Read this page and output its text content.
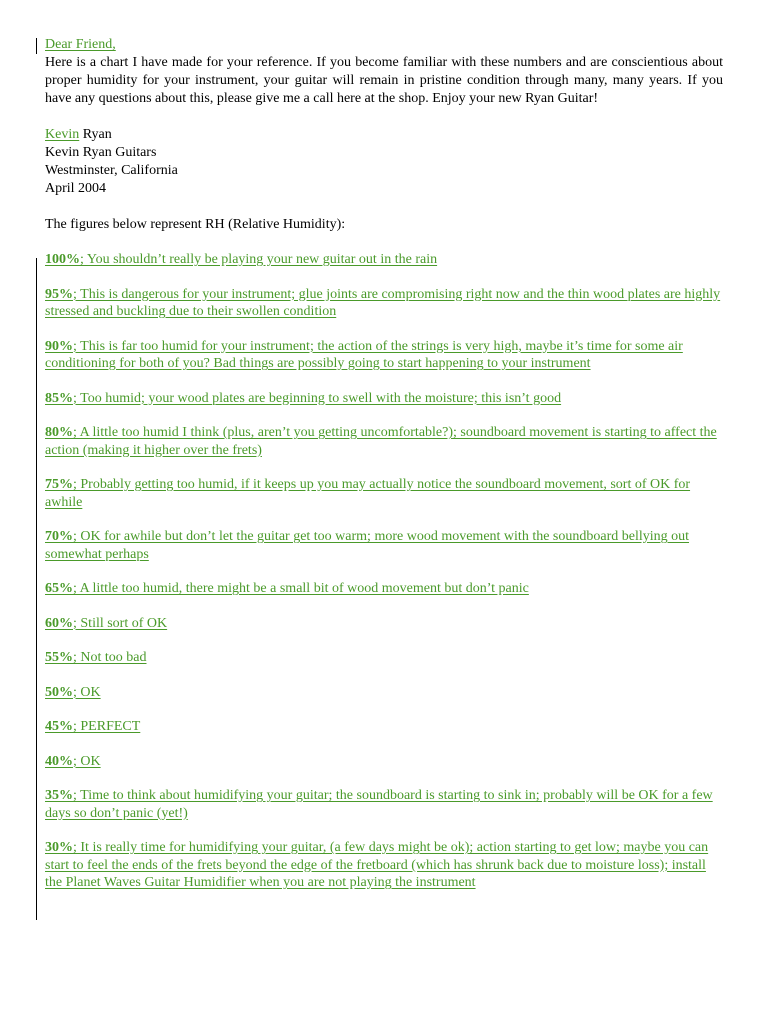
Dear Friend,

Here is a chart I have made for your reference. If you become familiar with these numbers and are conscientious about proper humidity for your instrument, your guitar will remain in pristine condition through many, many years. If you have any questions about this, please give me a call here at the shop. Enjoy your new Ryan Guitar!

Kevin Ryan

Kevin Ryan Guitars

Westminster, California

April 2004

The figures below represent RH (Relative Humidity):

100%; You shouldn’t really be playing your new guitar out in the rain

95%; This is dangerous for your instrument; glue joints are compromising right now and the thin wood plates are highly stressed and buckling due to their swollen condition

90%; This is far too humid for your instrument; the action of the strings is very high, maybe it’s time for some air conditioning for both of you? Bad things are possibly going to start happening to your instrument

85%; Too humid; your wood plates are beginning to swell with the moisture; this isn’t good

80%; A little too humid I think (plus, aren’t you getting uncomfortable?); soundboard movement is starting to affect the action (making it higher over the frets)

75%; Probably getting too humid, if it keeps up you may actually notice the soundboard movement, sort of OK for awhile

70%; OK for awhile but don’t let the guitar get too warm; more wood movement with the soundboard bellying out somewhat perhaps

65%; A little too humid, there might be a small bit of wood movement but don’t panic

60%; Still sort of OK

55%; Not too bad

50%; OK

45%; PERFECT

40%; OK

35%; Time to think about humidifying your guitar; the soundboard is starting to sink in; probably will be OK for a few days so don’t panic (yet!)

30%; It is really time for humidifying your guitar, (a few days might be ok); action starting to get low; maybe you can start to feel the ends of the frets beyond the edge of the fretboard (which has shrunk back due to moisture loss); install the Planet Waves Guitar Humidifier when you are not playing the instrument
